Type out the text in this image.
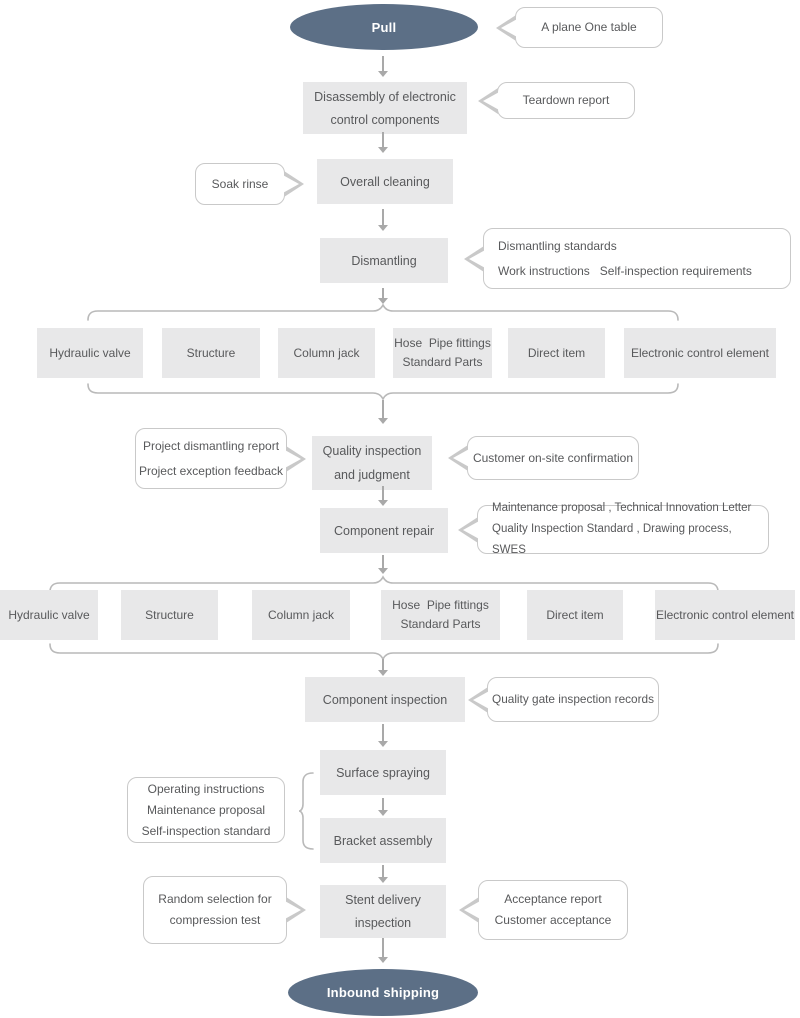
Pull	A plane One table
Disassembly of electronic
control components
Teardown report
Overall cleaning
Soak rinse
Dismantling
Dismantling standards
Work instructions   Self-inspection requirements
Hydraulic valve	Structure	Column jack
Hose  Pipe fittings
Standard Parts
Direct item	Electronic control element
Quality inspection
and judgment
Project dismantling report
Project exception feedback
Customer on-site confirmation
Component repair
Maintenance proposal , Technical Innovation Letter
Quality Inspection Standard , Drawing process, SWES
Hydraulic valve	Structure	Column jack
Hose  Pipe fittings
Standard Parts
Direct item	Electronic control element
Component inspection	Quality gate inspection records
Surface spraying
Operating instructions
Maintenance proposal
Self-inspection standard
Bracket assembly
Stent delivery
inspection
Random selection for
compression test
Acceptance report
Customer acceptance
Inbound shipping
